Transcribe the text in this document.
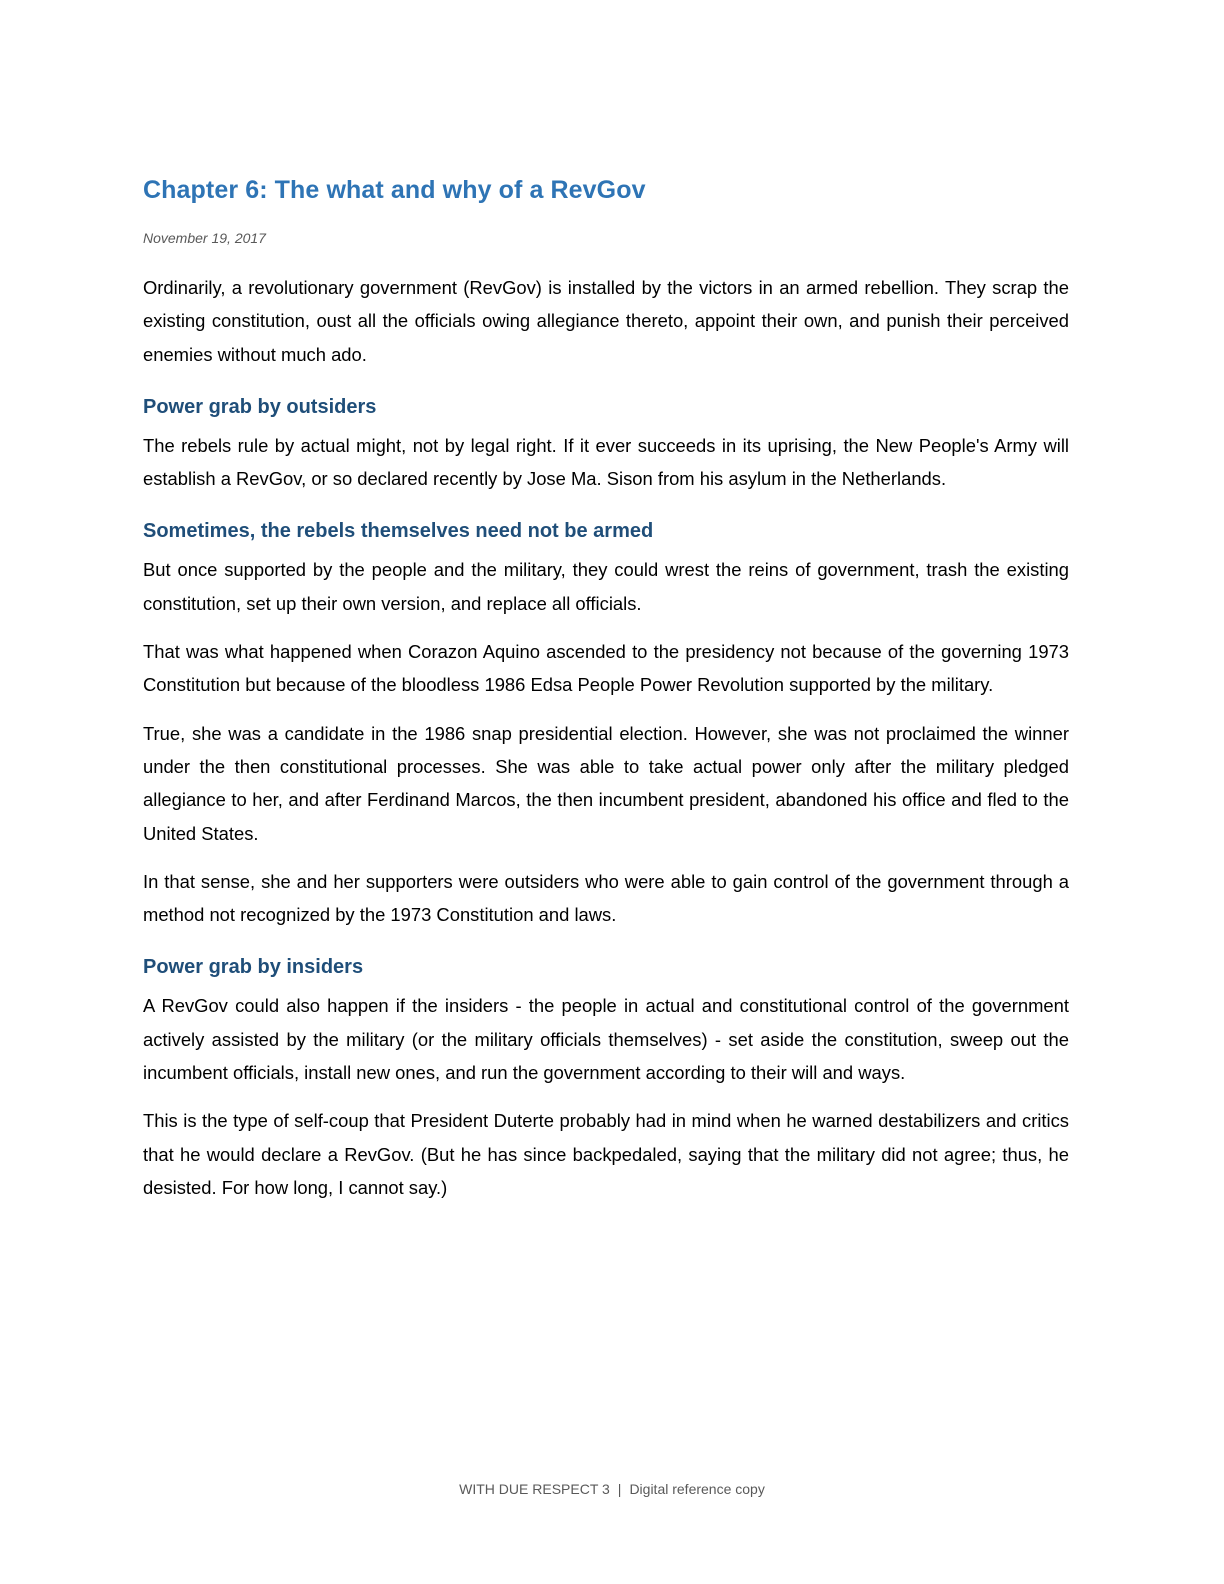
Chapter 6: The what and why of a RevGov

November 19, 2017

Ordinarily, a revolutionary government (RevGov) is installed by the victors in an armed rebellion. They scrap the existing constitution, oust all the officials owing allegiance thereto, appoint their own, and punish their perceived enemies without much ado.

Power grab by outsiders

The rebels rule by actual might, not by legal right. If it ever succeeds in its uprising, the New People's Army will establish a RevGov, or so declared recently by Jose Ma. Sison from his asylum in the Netherlands.

Sometimes, the rebels themselves need not be armed

But once supported by the people and the military, they could wrest the reins of government, trash the existing constitution, set up their own version, and replace all officials.

That was what happened when Corazon Aquino ascended to the presidency not because of the governing 1973 Constitution but because of the bloodless 1986 Edsa People Power Revolution supported by the military.

True, she was a candidate in the 1986 snap presidential election. However, she was not proclaimed the winner under the then constitutional processes. She was able to take actual power only after the military pledged allegiance to her, and after Ferdinand Marcos, the then incumbent president, abandoned his office and fled to the United States.

In that sense, she and her supporters were outsiders who were able to gain control of the government through a method not recognized by the 1973 Constitution and laws.

Power grab by insiders

A RevGov could also happen if the insiders - the people in actual and constitutional control of the government actively assisted by the military (or the military officials themselves) - set aside the constitution, sweep out the incumbent officials, install new ones, and run the government according to their will and ways.

This is the type of self-coup that President Duterte probably had in mind when he warned destabilizers and critics that he would declare a RevGov. (But he has since backpedaled, saying that the military did not agree; thus, he desisted. For how long, I cannot say.)

WITH DUE RESPECT 3 | Digital reference copy
